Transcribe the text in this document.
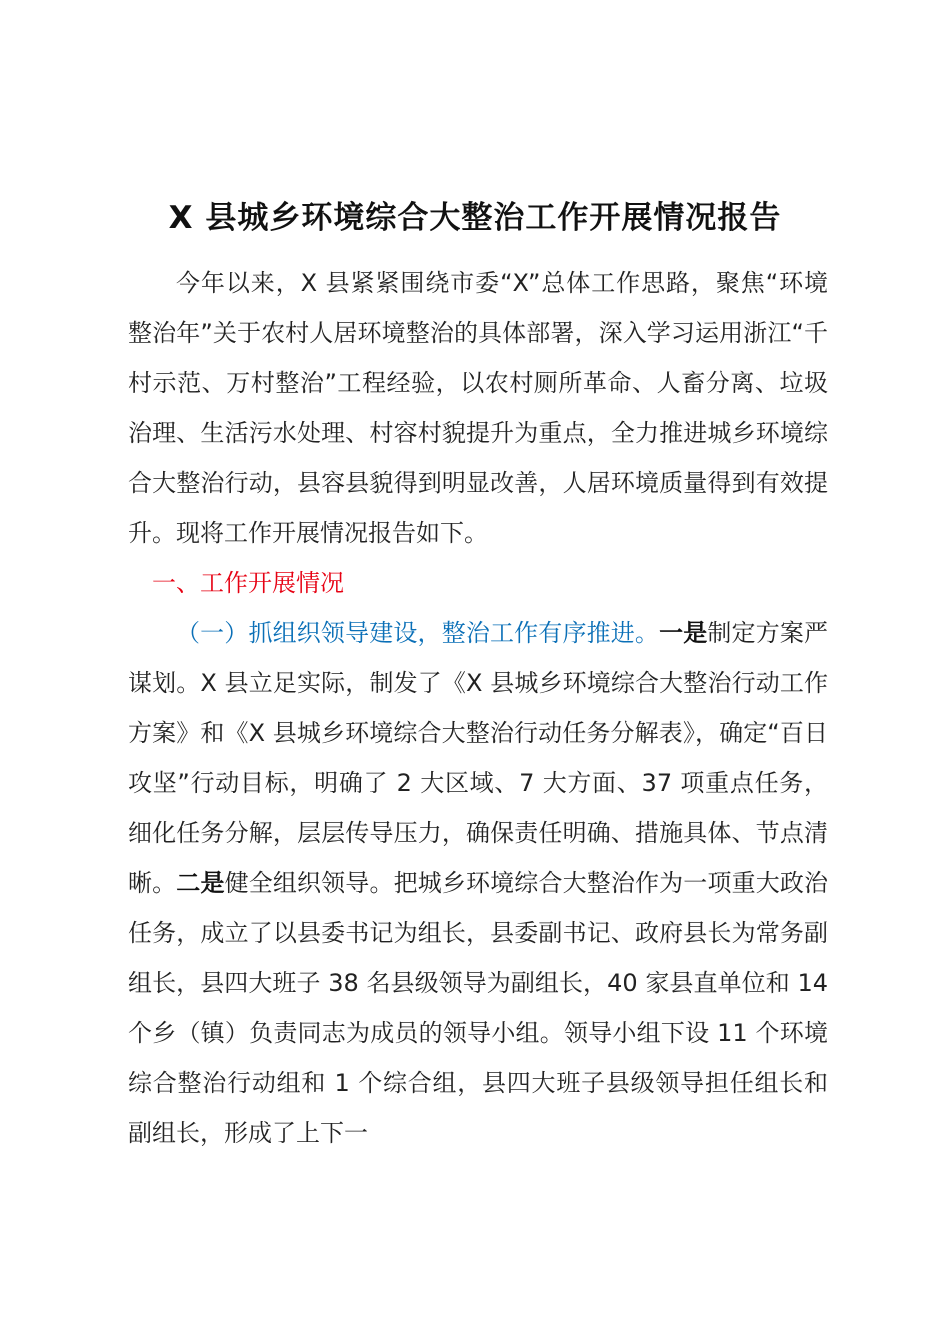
X 县城乡环境综合大整治工作开展情况报告

今年以来，X 县紧紧围绕市委“X”总体工作思路，聚焦“环境整治年”关于农村人居环境整治的具体部署，深入学习运用浙江“千村示范、万村整治”工程经验，以农村厕所革命、人畜分离、垃圾治理、生活污水处理、村容村貌提升为重点，全力推进城乡环境综合大整治行动，县容县貌得到明显改善，人居环境质量得到有效提升。现将工作开展情况报告如下。

一、工作开展情况

（一）抓组织领导建设，整治工作有序推进。一是制定方案严谋划。X 县立足实际，制发了《X 县城乡环境综合大整治行动工作方案》和《X 县城乡环境综合大整治行动任务分解表》，确定“百日攻坚”行动目标，明确了 2 大区域、7 大方面、37 项重点任务，细化任务分解，层层传导压力，确保责任明确、措施具体、节点清晰。二是健全组织领导。把城乡环境综合大整治作为一项重大政治任务，成立了以县委书记为组长，县委副书记、政府县长为常务副组长，县四大班子 38 名县级领导为副组长，40 家县直单位和 14 个乡（镇）负责同志为成员的领导小组。领导小组下设 11 个环境综合整治行动组和 1 个综合组，县四大班子县级领导担任组长和副组长，形成了上下一
